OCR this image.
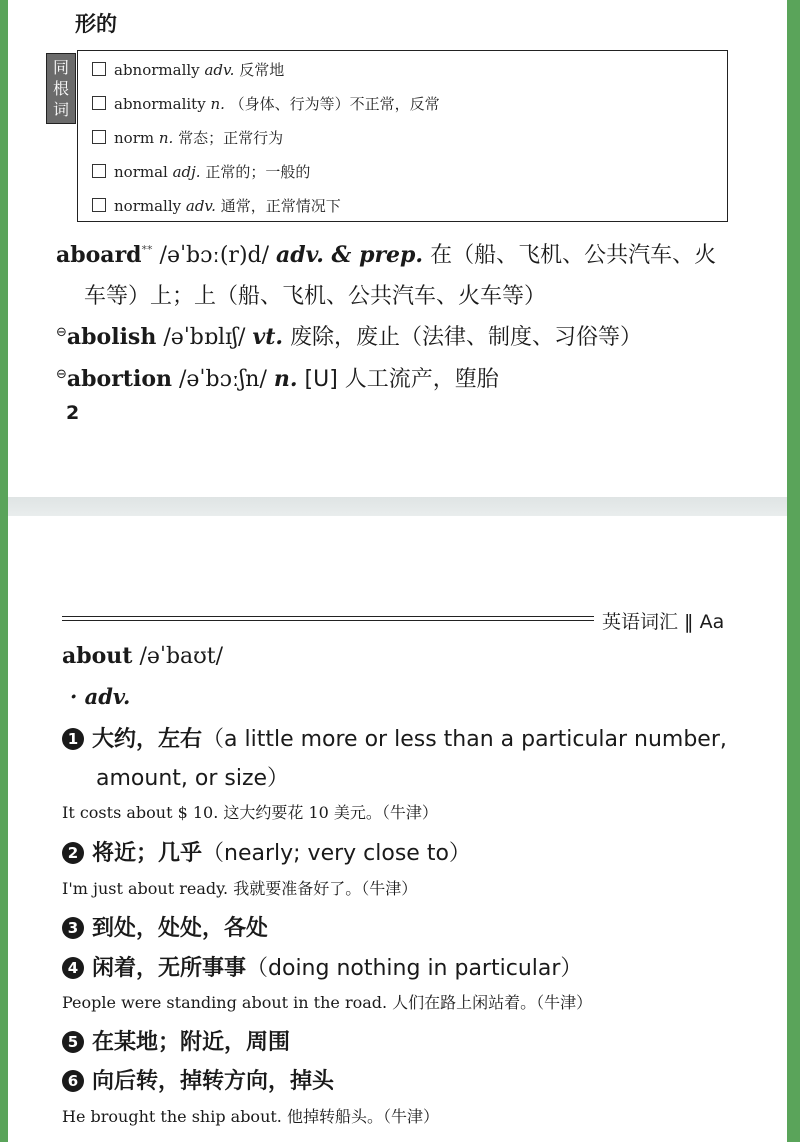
形的
同根词
abnormally adv. 反常地
abnormality n. （身体、行为等）不正常，反常
norm n. 常态；正常行为
normal adj. 正常的；一般的
normally adv. 通常，正常情况下
aboard** /əˈbɔː(r)d/ adv. & prep. 在（船、飞机、公共汽车、火
车等）上；上（船、飞机、公共汽车、火车等）
⊖abolish /əˈbɒlɪʃ/ vt. 废除，废止（法律、制度、习俗等）
⊖abortion /əˈbɔːʃn/ n. [U] 人工流产，堕胎
2
英语词汇 ‖ Aa
about /əˈbaʊt/
· adv.
1 大约，左右（a little more or less than a particular number,
amount, or size）
It costs about $ 10. 这大约要花 10 美元。（牛津）
2 将近；几乎（nearly; very close to）
I'm just about ready. 我就要准备好了。（牛津）
3 到处，处处，各处
4 闲着，无所事事（doing nothing in particular）
People were standing about in the road. 人们在路上闲站着。（牛津）
5 在某地；附近，周围
6 向后转，掉转方向，掉头
He brought the ship about. 他掉转船头。（牛津）
